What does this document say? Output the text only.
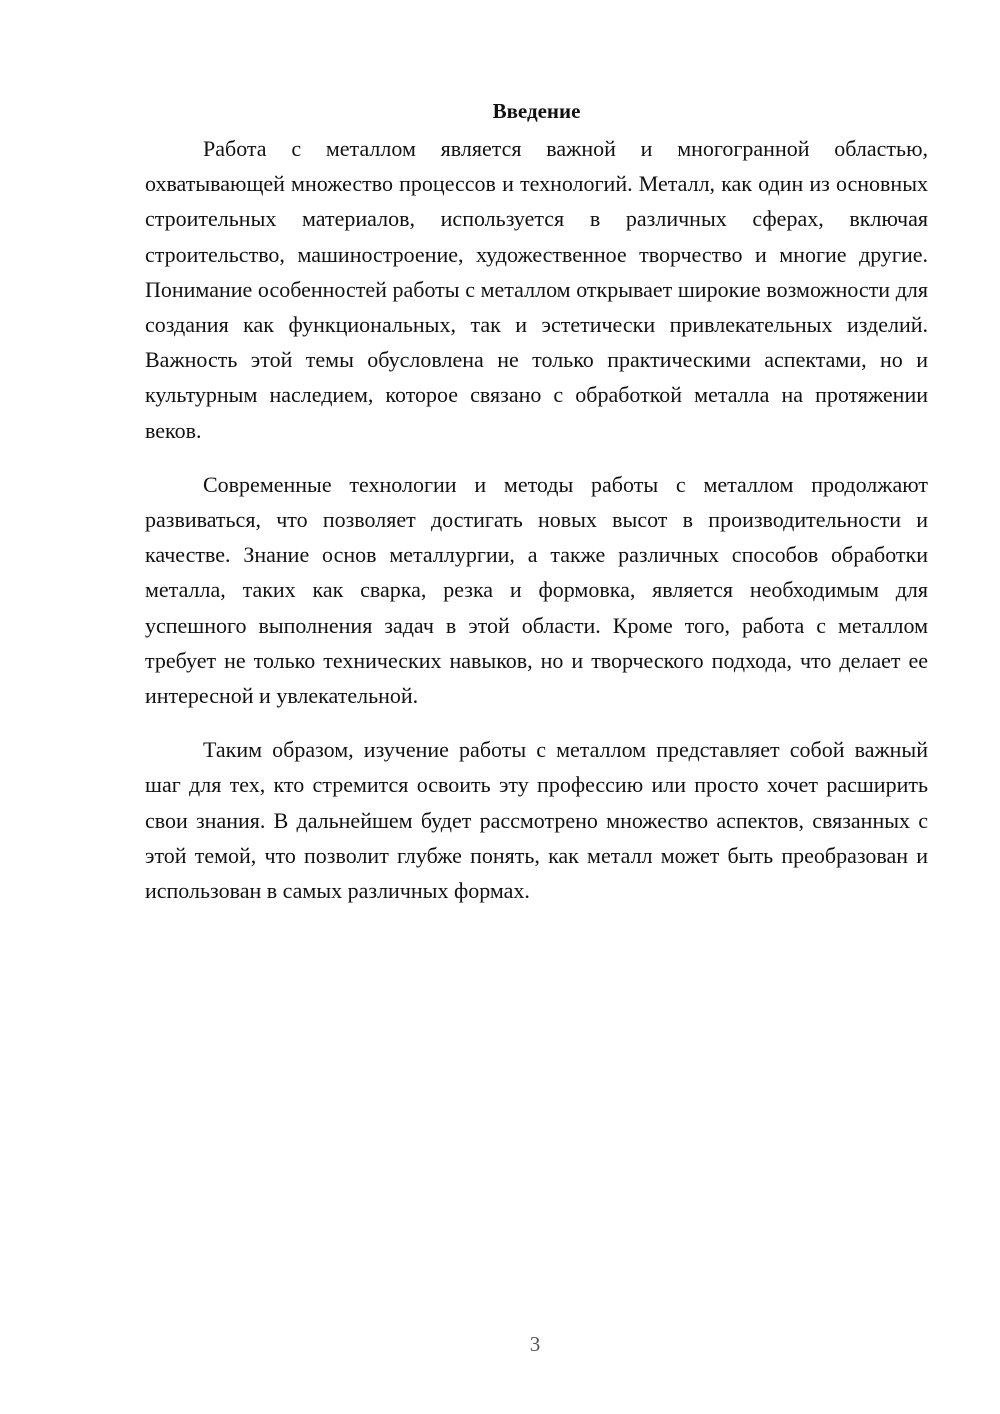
Введение

Работа с металлом является важной и многогранной областью, охватывающей множество процессов и технологий. Металл, как один из основных строительных материалов, используется в различных сферах, включая строительство, машиностроение, художественное творчество и многие другие. Понимание особенностей работы с металлом открывает широкие возможности для создания как функциональных, так и эстетически привлекательных изделий. Важность этой темы обусловлена не только практическими аспектами, но и культурным наследием, которое связано с обработкой металла на протяжении веков.

Современные технологии и методы работы с металлом продолжают развиваться, что позволяет достигать новых высот в производительности и качестве. Знание основ металлургии, а также различных способов обработки металла, таких как сварка, резка и формовка, является необходимым для успешного выполнения задач в этой области. Кроме того, работа с металлом требует не только технических навыков, но и творческого подхода, что делает ее интересной и увлекательной.

Таким образом, изучение работы с металлом представляет собой важный шаг для тех, кто стремится освоить эту профессию или просто хочет расширить свои знания. В дальнейшем будет рассмотрено множество аспектов, связанных с этой темой, что позволит глубже понять, как металл может быть преобразован и использован в самых различных формах.

3
